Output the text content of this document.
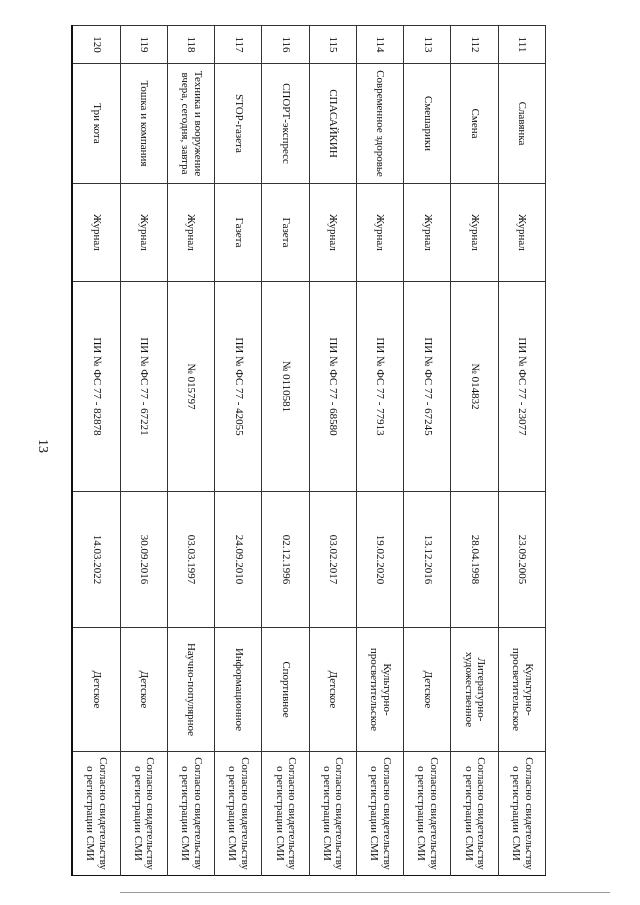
13
111	Славянка	Журнал	ПИ № ФС 77 - 23077	23.09.2005	Культурно-просветительское	Согласно свидетельству о регистрации СМИ
112	Смена	Журнал	№ 014832	28.04.1998	Литературно-художественное	Согласно свидетельству о регистрации СМИ
113	Смешарики	Журнал	ПИ № ФС 77 - 67245	13.12.2016	Детское	Согласно свидетельству о регистрации СМИ
114	Современное здоровье	Журнал	ПИ № ФС 77 - 77913	19.02.2020	Культурно-просветительское	Согласно свидетельству о регистрации СМИ
115	СПАСАЙКИН	Журнал	ПИ № ФС 77 - 68580	03.02.2017	Детское	Согласно свидетельству о регистрации СМИ
116	СПОРТ-экспресс	Газета	№ 0110581	02.12.1996	Спортивное	Согласно свидетельству о регистрации СМИ
117	STOP-газета	Газета	ПИ № ФС 77 - 42055	24.09.2010	Информационное	Согласно свидетельству о регистрации СМИ
118	Техника и вооружение вчера, сегодня, завтра	Журнал	№ 015797	03.03.1997	Научно-популярное	Согласно свидетельству о регистрации СМИ
119	Тошка и компания	Журнал	ПИ № ФС 77 - 67221	30.09.2016	Детское	Согласно свидетельству о регистрации СМИ
120	Три кота	Журнал	ПИ № ФС 77 - 82878	14.03.2022	Детское	Согласно свидетельству о регистрации СМИ
